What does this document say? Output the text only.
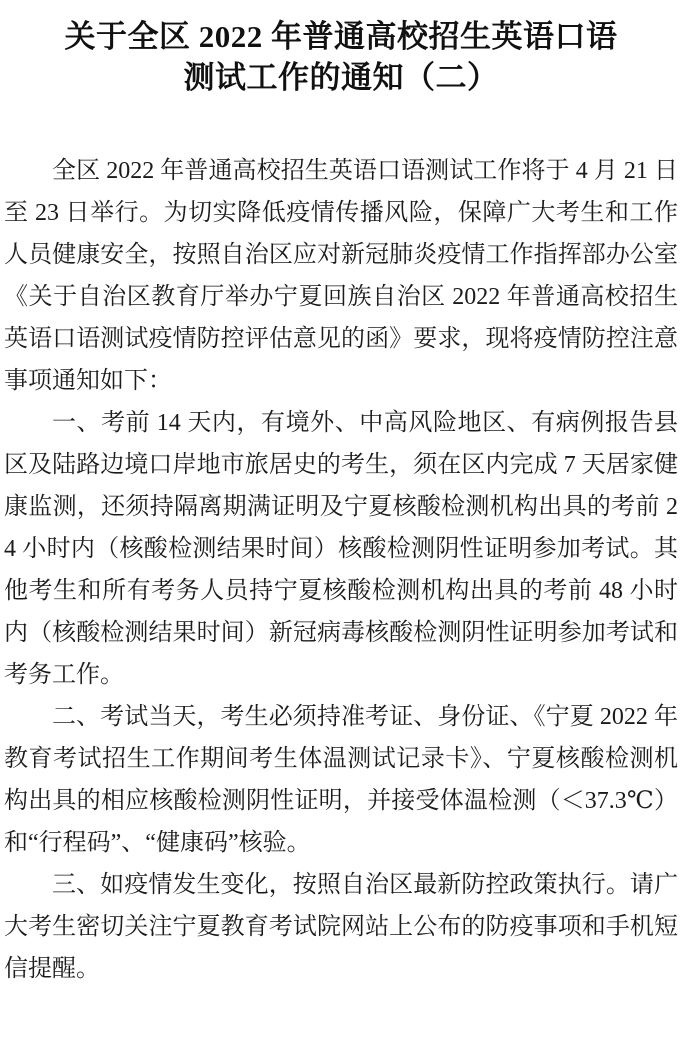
关于全区 2022 年普通高校招生英语口语
测试工作的通知（二）

全区 2022 年普通高校招生英语口语测试工作将于 4 月 21 日至 23 日举行。为切实降低疫情传播风险，保障广大考生和工作人员健康安全，按照自治区应对新冠肺炎疫情工作指挥部办公室《关于自治区教育厅举办宁夏回族自治区 2022 年普通高校招生英语口语测试疫情防控评估意见的函》要求，现将疫情防控注意事项通知如下：

一、考前 14 天内，有境外、中高风险地区、有病例报告县区及陆路边境口岸地市旅居史的考生，须在区内完成 7 天居家健康监测，还须持隔离期满证明及宁夏核酸检测机构出具的考前 24 小时内（核酸检测结果时间）核酸检测阴性证明参加考试。其他考生和所有考务人员持宁夏核酸检测机构出具的考前 48 小时内（核酸检测结果时间）新冠病毒核酸检测阴性证明参加考试和考务工作。

二、考试当天，考生必须持准考证、身份证、《宁夏 2022 年教育考试招生工作期间考生体温测试记录卡》、宁夏核酸检测机构出具的相应核酸检测阴性证明，并接受体温检测（＜37.3℃）和“行程码”、“健康码”核验。

三、如疫情发生变化，按照自治区最新防控政策执行。请广大考生密切关注宁夏教育考试院网站上公布的防疫事项和手机短信提醒。
